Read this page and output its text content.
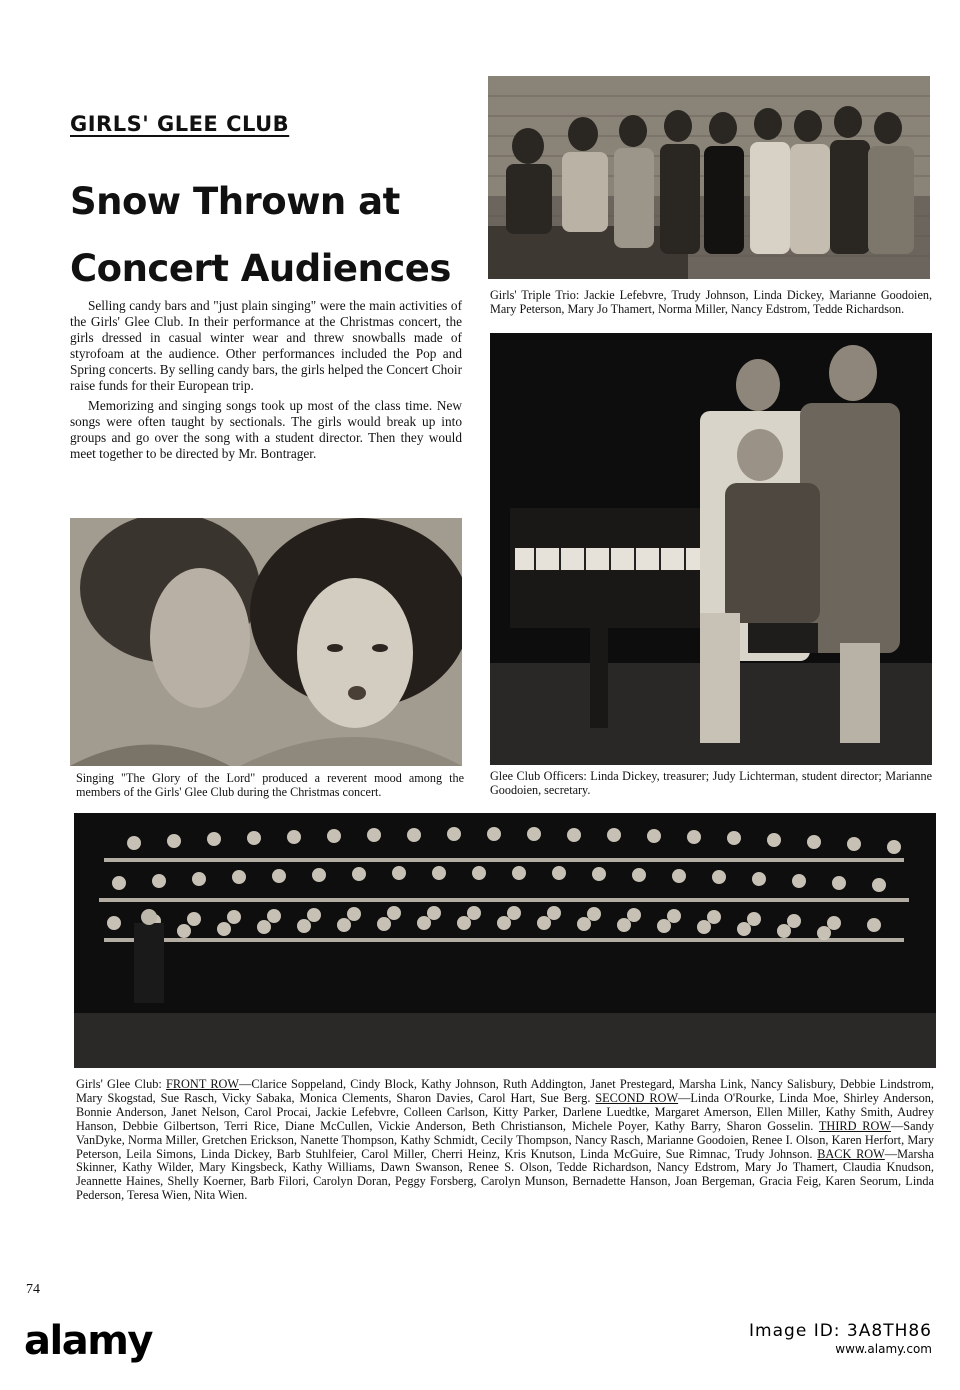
GIRLS' GLEE CLUB
Snow Thrown at
Concert Audiences

Selling candy bars and "just plain singing" were the main activities of the Girls' Glee Club. In their performance at the Christmas concert, the girls dressed in casual winter wear and threw snowballs made of styrofoam at the audience. Other performances included the Pop and Spring concerts. By selling candy bars, the girls helped the Concert Choir raise funds for their European trip.

Memorizing and singing songs took up most of the class time. New songs were often taught by sectionals. The girls would break up into groups and go over the song with a student director. Then they would meet together to be directed by Mr. Bontrager.

Girls' Triple Trio: Jackie Lefebvre, Trudy Johnson, Linda Dickey, Marianne Goodoien, Mary Peterson, Mary Jo Thamert, Norma Miller, Nancy Edstrom, Tedde Richardson.
Glee Club Officers: Linda Dickey, treasurer; Judy Lichterman, student director; Marianne Goodoien, secretary.
Singing "The Glory of the Lord" produced a reverent mood among the members of the Girls' Glee Club during the Christmas concert.
Girls' Glee Club: FRONT ROW—Clarice Soppeland, Cindy Block, Kathy Johnson, Ruth Addington, Janet Prestegard, Marsha Link, Nancy Salisbury, Debbie Lindstrom, Mary Skogstad, Sue Rasch, Vicky Sabaka, Monica Clements, Sharon Davies, Carol Hart, Sue Berg. SECOND ROW—Linda O'Rourke, Linda Moe, Shirley Anderson, Bonnie Anderson, Janet Nelson, Carol Procai, Jackie Lefebvre, Colleen Carlson, Kitty Parker, Darlene Luedtke, Margaret Amerson, Ellen Miller, Kathy Smith, Audrey Hanson, Debbie Gilbertson, Terri Rice, Diane McCullen, Vickie Anderson, Beth Christianson, Michele Poyer, Kathy Barry, Sharon Gosselin. THIRD ROW—Sandy VanDyke, Norma Miller, Gretchen Erickson, Nanette Thompson, Kathy Schmidt, Cecily Thompson, Nancy Rasch, Marianne Goodoien, Renee I. Olson, Karen Herfort, Mary Peterson, Leila Simons, Linda Dickey, Barb Stuhlfeier, Carol Miller, Cherri Heinz, Kris Knutson, Linda McGuire, Sue Rimnac, Trudy Johnson. BACK ROW—Marsha Skinner, Kathy Wilder, Mary Kingsbeck, Kathy Williams, Dawn Swanson, Renee S. Olson, Tedde Richardson, Nancy Edstrom, Mary Jo Thamert, Claudia Knudson, Jeannette Haines, Shelly Koerner, Barb Filori, Carolyn Doran, Peggy Forsberg, Carolyn Munson, Bernadette Hanson, Joan Bergeman, Gracia Feig, Karen Seorum, Linda Pederson, Teresa Wien, Nita Wien.
74
alamy	Image ID: 3A8TH86
www.alamy.com
